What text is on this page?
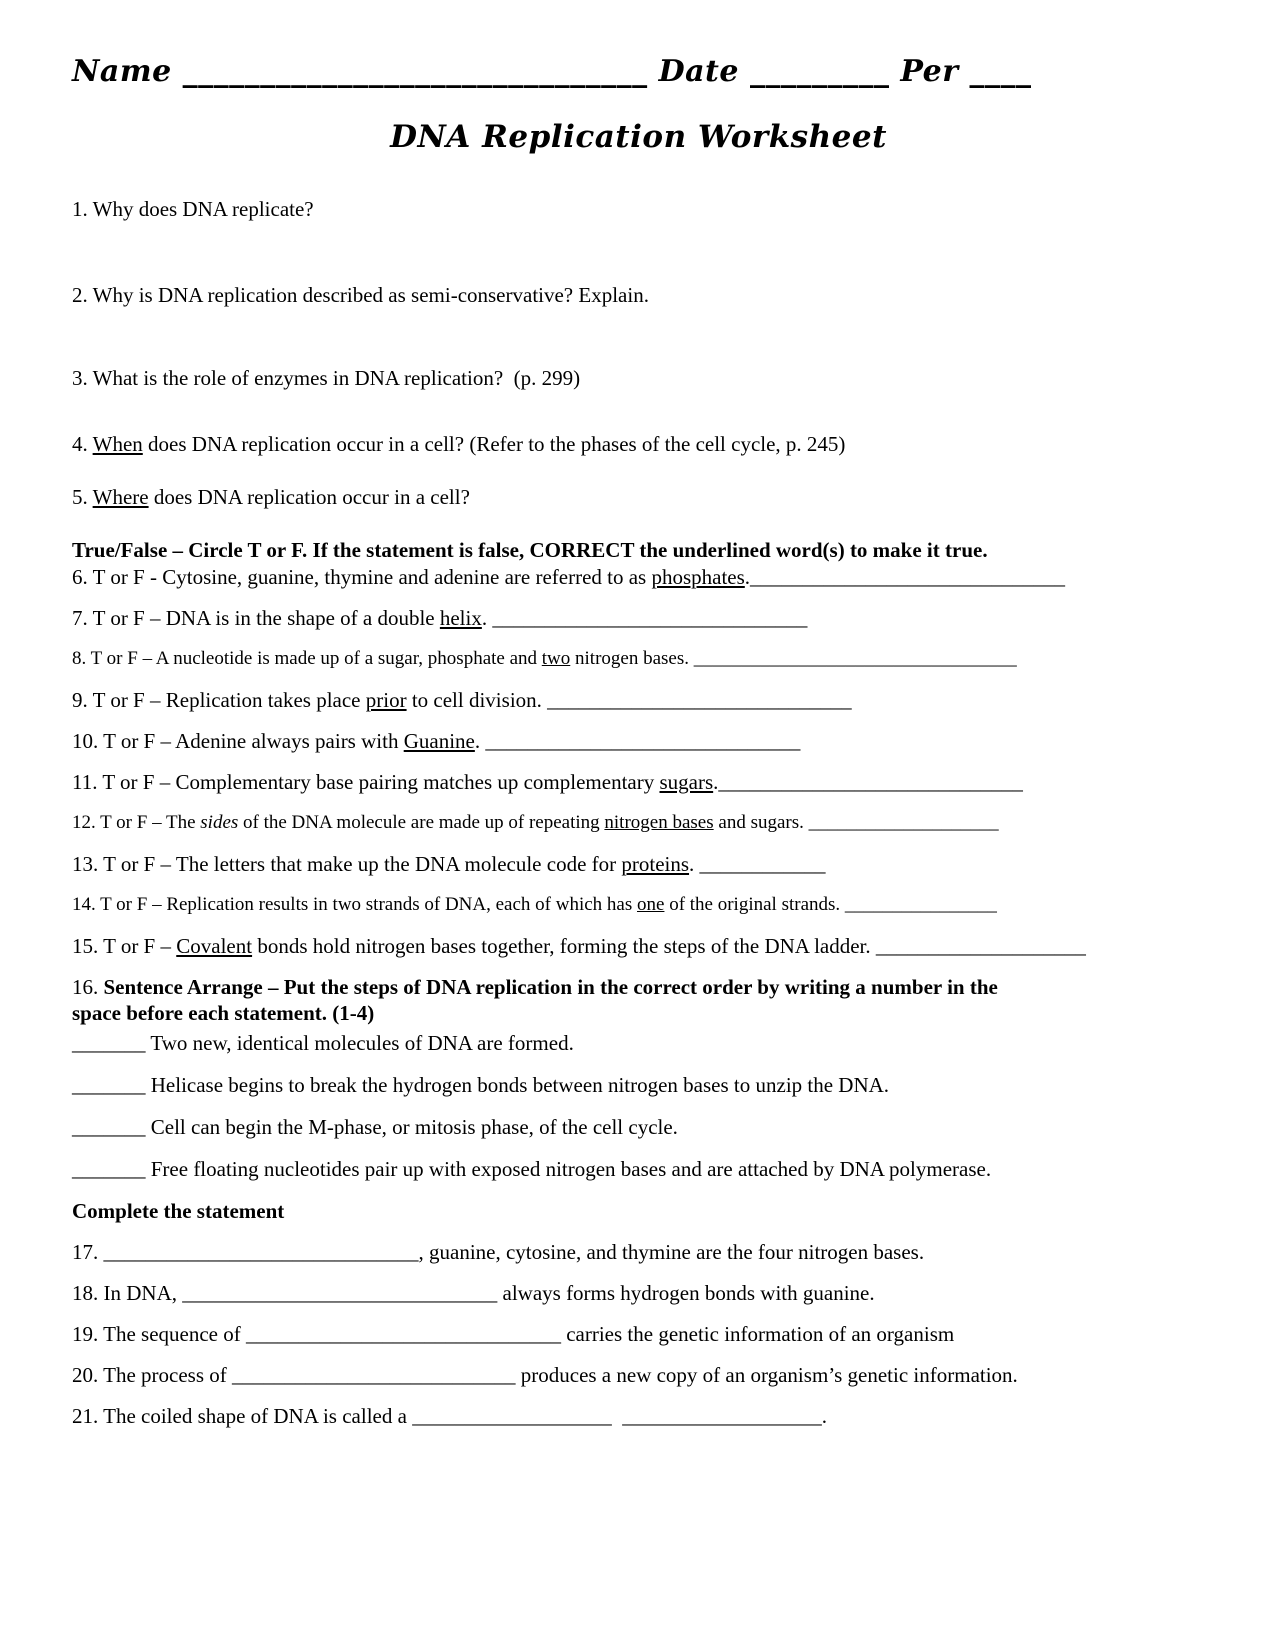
Name ______________________________ Date _________ Per ____
DNA Replication Worksheet
1. Why does DNA replicate?
2. Why is DNA replication described as semi-conservative? Explain.
3. What is the role of enzymes in DNA replication?  (p. 299)
4. When does DNA replication occur in a cell? (Refer to the phases of the cell cycle, p. 245)
5. Where does DNA replication occur in a cell?
True/False – Circle T or F. If the statement is false, CORRECT the underlined word(s) to make it true.
6. T or F - Cytosine, guanine, thymine and adenine are referred to as phosphates.______________________________
7. T or F – DNA is in the shape of a double helix. ______________________________
8. T or F – A nucleotide is made up of a sugar, phosphate and two nitrogen bases. __________________________________
9. T or F – Replication takes place prior to cell division. _____________________________
10. T or F – Adenine always pairs with Guanine. ______________________________
11. T or F – Complementary base pairing matches up complementary sugars._____________________________
12. T or F – The sides of the DNA molecule are made up of repeating nitrogen bases and sugars. ____________________
13. T or F – The letters that make up the DNA molecule code for proteins. ____________
14. T or F – Replication results in two strands of DNA, each of which has one of the original strands. ________________
15. T or F – Covalent bonds hold nitrogen bases together, forming the steps of the DNA ladder. ____________________
16. Sentence Arrange – Put the steps of DNA replication in the correct order by writing a number in the
space before each statement. (1-4)
_______ Two new, identical molecules of DNA are formed.
_______ Helicase begins to break the hydrogen bonds between nitrogen bases to unzip the DNA.
_______ Cell can begin the M-phase, or mitosis phase, of the cell cycle.
_______ Free floating nucleotides pair up with exposed nitrogen bases and are attached by DNA polymerase.
Complete the statement
17. ______________________________, guanine, cytosine, and thymine are the four nitrogen bases.
18. In DNA, ______________________________ always forms hydrogen bonds with guanine.
19. The sequence of ______________________________ carries the genetic information of an organism
20. The process of ___________________________ produces a new copy of an organism’s genetic information.
21. The coiled shape of DNA is called a ___________________ ___________________.
